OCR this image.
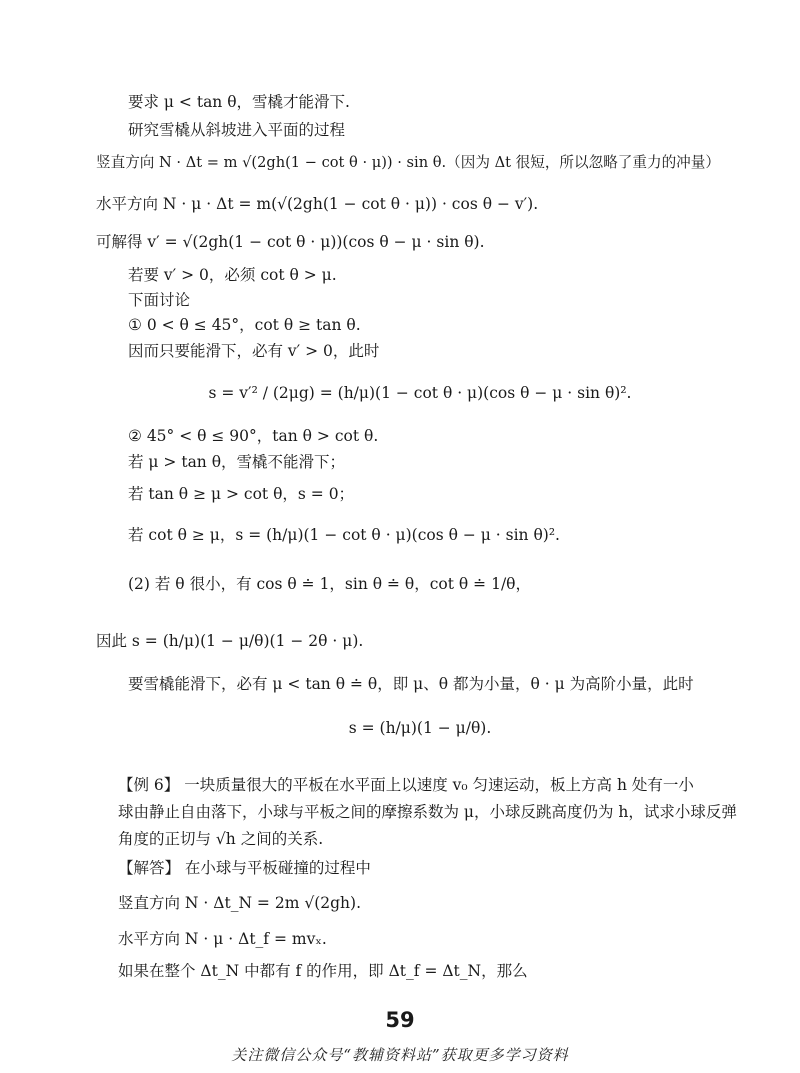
要求 μ < tan θ，雪橇才能滑下.
研究雪橇从斜坡进入平面的过程
竖直方向 N · Δt = m √(2gh(1 − cot θ · μ)) · sin θ.（因为 Δt 很短，所以忽略了重力的冲量）
水平方向 N · μ · Δt = m(√(2gh(1 − cot θ · μ)) · cos θ − v′).
可解得 v′ = √(2gh(1 − cot θ · μ))(cos θ − μ · sin θ).
若要 v′ > 0，必须 cot θ > μ.
下面讨论
① 0 < θ ≤ 45°，cot θ ≥ tan θ.
因而只要能滑下，必有 v′ > 0，此时
s = v′² / (2μg) = (h/μ)(1 − cot θ · μ)(cos θ − μ · sin θ)².
② 45° < θ ≤ 90°，tan θ > cot θ.
若 μ > tan θ，雪橇不能滑下；
若 tan θ ≥ μ > cot θ，s = 0；
若 cot θ ≥ μ，s = (h/μ)(1 − cot θ · μ)(cos θ − μ · sin θ)².
(2) 若 θ 很小，有 cos θ ≐ 1，sin θ ≐ θ，cot θ ≐ 1/θ，
因此 s = (h/μ)(1 − μ/θ)(1 − 2θ · μ).
要雪橇能滑下，必有 μ < tan θ ≐ θ，即 μ、θ 都为小量，θ · μ 为高阶小量，此时
s = (h/μ)(1 − μ/θ).
【例 6】 一块质量很大的平板在水平面上以速度 v₀ 匀速运动，板上方高 h 处有一小
球由静止自由落下，小球与平板之间的摩擦系数为 μ，小球反跳高度仍为 h，试求小球反弹
角度的正切与 √h 之间的关系.
【解答】 在小球与平板碰撞的过程中
竖直方向 N · Δt_N = 2m √(2gh).
水平方向 N · μ · Δt_f = mvₓ.
如果在整个 Δt_N 中都有 f 的作用，即 Δt_f = Δt_N，那么
59
关注微信公众号“教辅资料站”获取更多学习资料
